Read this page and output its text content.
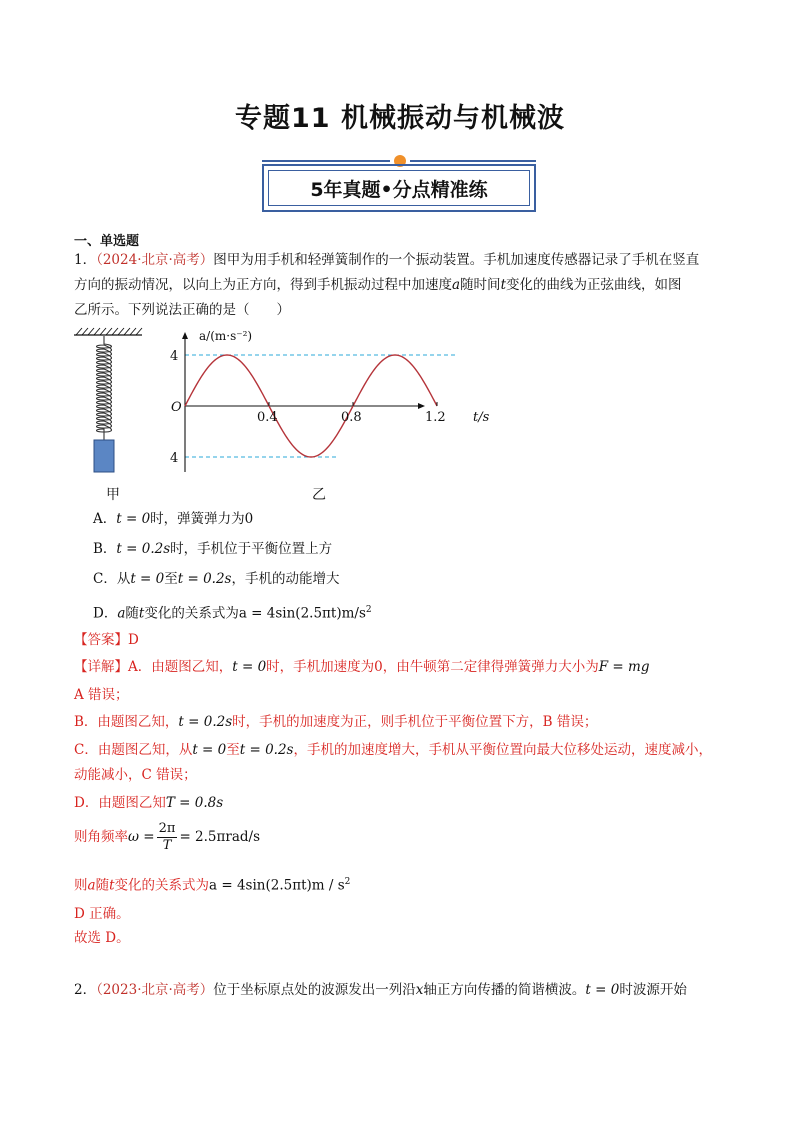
专题11 机械振动与机械波
5年真题•分点精准练
一、单选题
1．（2024·北京·高考）图甲为用手机和轻弹簧制作的一个振动装置。手机加速度传感器记录了手机在竖直
方向的振动情况，以向上为正方向，得到手机振动过程中加速度a随时间t变化的曲线为正弦曲线，如图
乙所示。下列说法正确的是（　　）
0.4	0.8	1.2
4
4
O
t/s
a/(m·s⁻²)
甲	乙
A．t = 0时，弹簧弹力为0
B．t = 0.2s时，手机位于平衡位置上方
C．从t = 0至t = 0.2s，手机的动能增大
D．a随t变化的关系式为$a = 4\sin(2.5\pi t)m/s^2$
【答案】D
【详解】A．由题图乙知，t = 0时，手机加速度为0，由牛顿第二定律得弹簧弹力大小为F = mg
A 错误；
B．由题图乙知，t = 0.2s时，手机的加速度为正，则手机位于平衡位置下方，B 错误；
C．由题图乙知，从t = 0至t = 0.2s，手机的加速度增大，手机从平衡位置向最大位移处运动，速度减小，
动能减小，C 错误；
D．由题图乙知T = 0.8s
则角频率$\omega = \frac{2\pi}{T} = 2.5\pi rad/s$
则a随t变化的关系式为$a = 4\sin(2.5\pi t)m / s^2$
D 正确。
故选 D。
2．（2023·北京·高考）位于坐标原点处的波源发出一列沿x轴正方向传播的简谐横波。t = 0时波源开始
